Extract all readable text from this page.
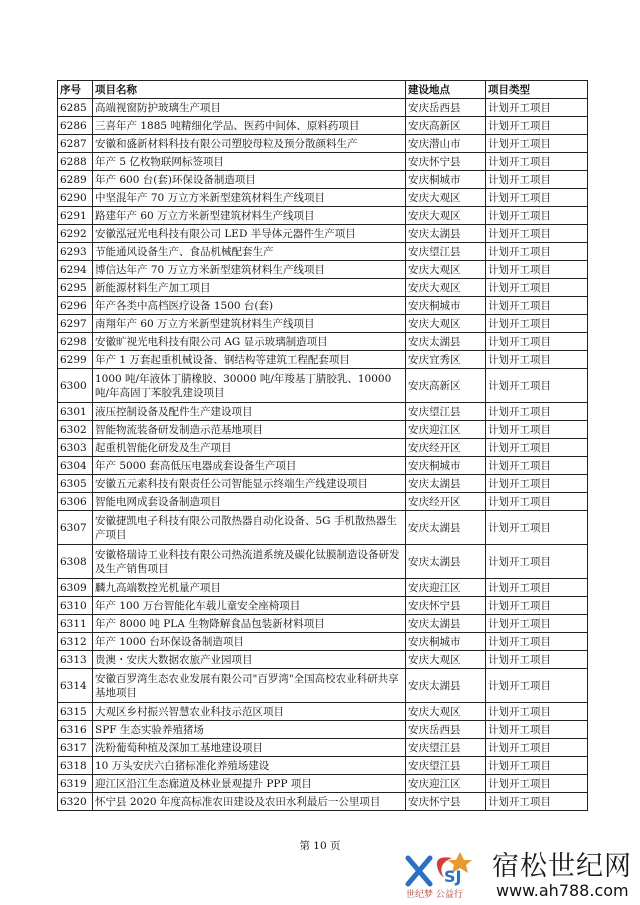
序号	项目名称	建设地点	项目类型
6285	高端视窗防护玻璃生产项目	安庆岳西县	计划开工项目
6286	三喜年产 1885 吨精细化学品、医药中间体、原料药项目	安庆高新区	计划开工项目
6287	安徽和盛新材料科技有限公司塑胶母粒及预分散颜料生产	安庆潜山市	计划开工项目
6288	年产 5 亿枚物联网标签项目	安庆怀宁县	计划开工项目
6289	年产 600 台(套)环保设备制造项目	安庆桐城市	计划开工项目
6290	中坚混年产 70 万立方米新型建筑材料生产线项目	安庆大观区	计划开工项目
6291	路建年产 60 万立方米新型建筑材料生产线项目	安庆大观区	计划开工项目
6292	安徽泓冠光电科技有限公司 LED 半导体元器件生产项目	安庆太湖县	计划开工项目
6293	节能通风设备生产、食品机械配套生产	安庆望江县	计划开工项目
6294	博信达年产 70 万立方米新型建筑材料生产线项目	安庆大观区	计划开工项目
6295	新能源材料生产加工项目	安庆大观区	计划开工项目
6296	年产各类中高档医疗设备 1500 台(套)	安庆桐城市	计划开工项目
6297	南翔年产 60 万立方米新型建筑材料生产线项目	安庆大观区	计划开工项目
6298	安徽旷视光电科技有限公司 AG 显示玻璃制造项目	安庆太湖县	计划开工项目
6299	年产 1 万套起重机械设备、钢结构等建筑工程配套项目	安庆宜秀区	计划开工项目
6300	1000 吨/年液体丁腈橡胶、30000 吨/年羧基丁腈胶乳、10000 吨/年高固丁苯胶乳建设项目	安庆高新区	计划开工项目
6301	液压控制设备及配件生产建设项目	安庆望江县	计划开工项目
6302	智能物流装备研发制造示范基地项目	安庆迎江区	计划开工项目
6303	起重机智能化研发及生产项目	安庆经开区	计划开工项目
6304	年产 5000 套高低压电器成套设备生产项目	安庆桐城市	计划开工项目
6305	安徽五元素科技有限责任公司智能显示终端生产线建设项目	安庆太湖县	计划开工项目
6306	智能电网成套设备制造项目	安庆经开区	计划开工项目
6307	安徽捷凯电子科技有限公司散热器自动化设备、5G 手机散热器生产项目	安庆太湖县	计划开工项目
6308	安徽格瑞诗工业科技有限公司热流道系统及碳化钛膜制造设备研发及生产销售项目	安庆太湖县	计划开工项目
6309	麟九高端数控光机量产项目	安庆迎江区	计划开工项目
6310	年产 100 万台智能化车载儿童安全座椅项目	安庆怀宁县	计划开工项目
6311	年产 8000 吨 PLA 生物降解食品包装新材料项目	安庆太湖县	计划开工项目
6312	年产 1000 台环保设备制造项目	安庆桐城市	计划开工项目
6313	贵澳・安庆大数据农旅产业园项目	安庆大观区	计划开工项目
6314	安徽百罗湾生态农业发展有限公司"百罗湾"全国高校农业科研共享基地项目	安庆太湖县	计划开工项目
6315	大观区乡村振兴智慧农业科技示范区项目	安庆大观区	计划开工项目
6316	SPF 生态实验养殖猪场	安庆岳西县	计划开工项目
6317	洗粉葡萄种植及深加工基地建设项目	安庆望江县	计划开工项目
6318	10 万头安庆六白猪标准化养殖场建设	安庆望江县	计划开工项目
6319	迎江区沿江生态廊道及林业景观提升 PPP 项目	安庆迎江区	计划开工项目
6320	怀宁县 2020 年度高标准农田建设及农田水利最后一公里项目	安庆怀宁县	计划开工项目
第 10 页
SJ
世纪梦 公益行
宿松世纪网
www.ah788.com
